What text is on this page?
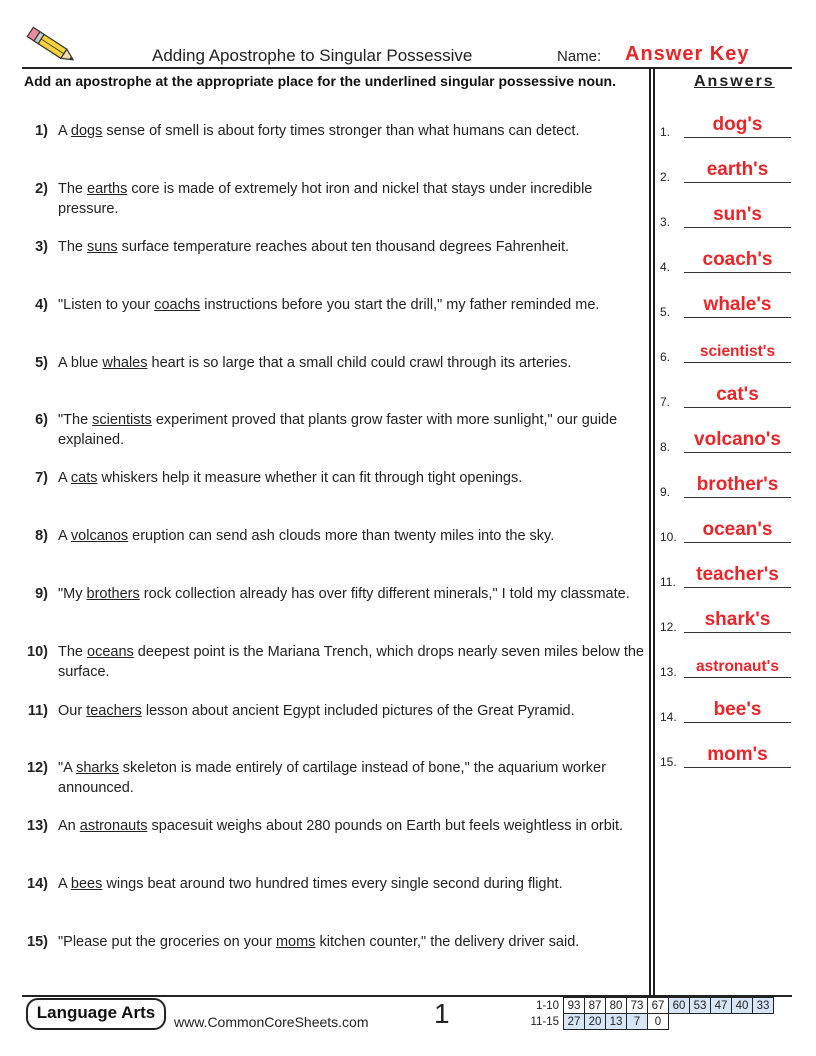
Adding Apostrophe to Singular Possessive	Name: Answer Key
Add an apostrophe at the appropriate place for the underlined singular possessive noun.
1) A dogs sense of smell is about forty times stronger than what humans can detect.
2) The earths core is made of extremely hot iron and nickel that stays under incredible pressure.
3) The suns surface temperature reaches about ten thousand degrees Fahrenheit.
4) "Listen to your coachs instructions before you start the drill," my father reminded me.
5) A blue whales heart is so large that a small child could crawl through its arteries.
6) "The scientists experiment proved that plants grow faster with more sunlight," our guide explained.
7) A cats whiskers help it measure whether it can fit through tight openings.
8) A volcanos eruption can send ash clouds more than twenty miles into the sky.
9) "My brothers rock collection already has over fifty different minerals," I told my classmate.
10) The oceans deepest point is the Mariana Trench, which drops nearly seven miles below the surface.
11) Our teachers lesson about ancient Egypt included pictures of the Great Pyramid.
12) "A sharks skeleton is made entirely of cartilage instead of bone," the aquarium worker announced.
13) An astronauts spacesuit weighs about 280 pounds on Earth but feels weightless in orbit.
14) A bees wings beat around two hundred times every single second during flight.
15) "Please put the groceries on your moms kitchen counter," the delivery driver said.
Answers
1.	dog's
2.	earth's
3.	sun's
4.	coach's
5.	whale's
6.	scientist's
7.	cat's
8.	volcano's
9.	brother's
10.	ocean's
11.	teacher's
12.	shark's
13.	astronaut's
14.	bee's
15.	mom's
Language Arts	www.CommonCoreSheets.com 1	1-10	93	87	80	73	67	60	53	47	40	33
11-15	27	20	13	7	0					
